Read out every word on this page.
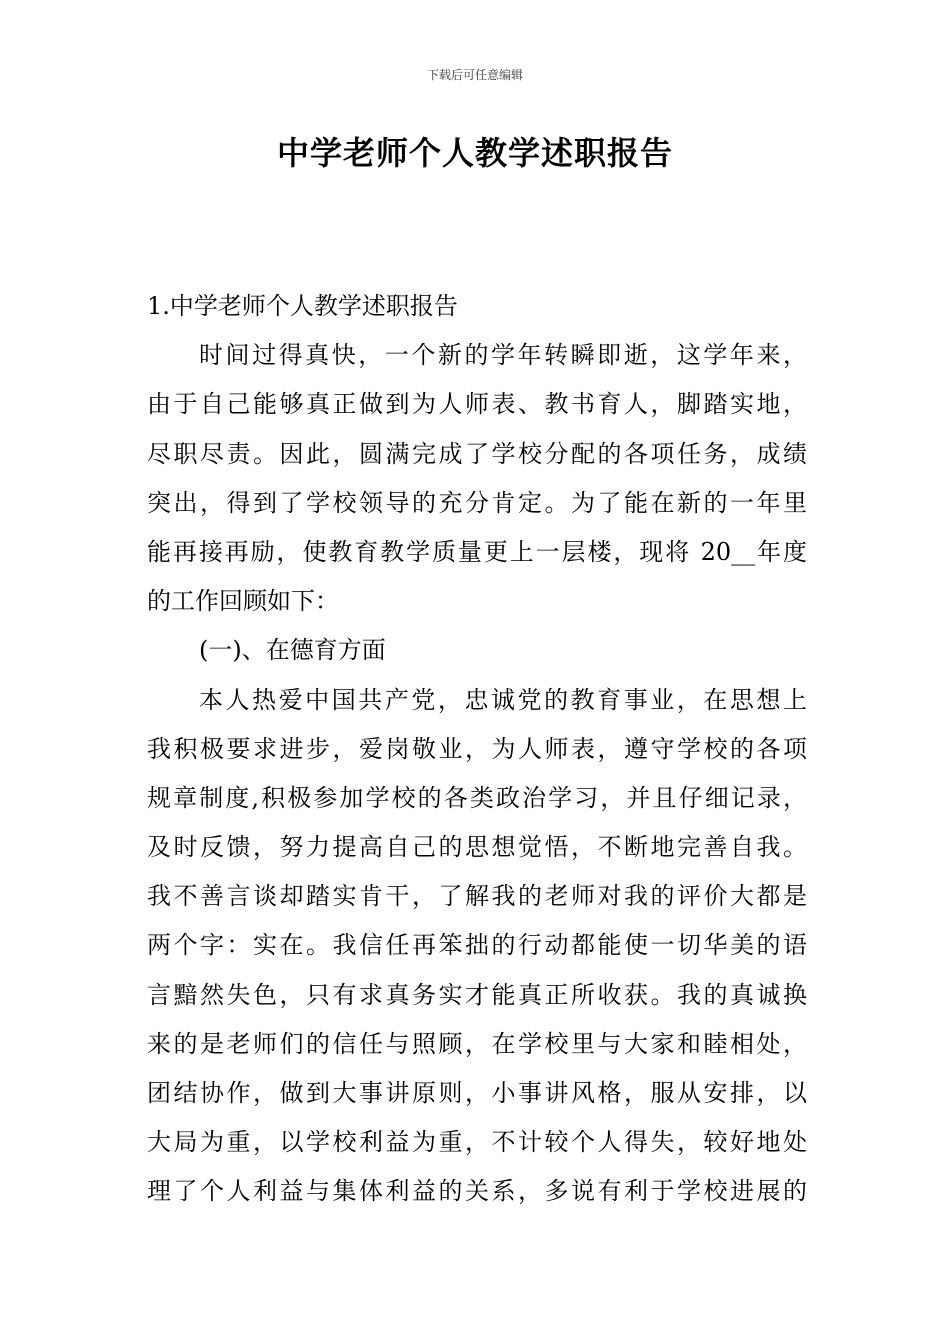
下载后可任意编辑
中学老师个人教学述职报告
1.中学老师个人教学述职报告
时间过得真快，一个新的学年转瞬即逝，这学年来，
由于自己能够真正做到为人师表、教书育人，脚踏实地，
尽职尽责。因此，圆满完成了学校分配的各项任务，成绩
突出，得到了学校领导的充分肯定。为了能在新的一年里
能再接再励，使教育教学质量更上一层楼，现将 20__年度
的工作回顾如下：
(一)、在德育方面
本人热爱中国共产党，忠诚党的教育事业，在思想上
我积极要求进步，爱岗敬业，为人师表，遵守学校的各项
规章制度,积极参加学校的各类政治学习，并且仔细记录，
及时反馈，努力提高自己的思想觉悟，不断地完善自我。
我不善言谈却踏实肯干，了解我的老师对我的评价大都是
两个字：实在。我信任再笨拙的行动都能使一切华美的语
言黯然失色，只有求真务实才能真正所收获。我的真诚换
来的是老师们的信任与照顾，在学校里与大家和睦相处，
团结协作，做到大事讲原则，小事讲风格，服从安排，以
大局为重，以学校利益为重，不计较个人得失，较好地处
理了个人利益与集体利益的关系，多说有利于学校进展的
